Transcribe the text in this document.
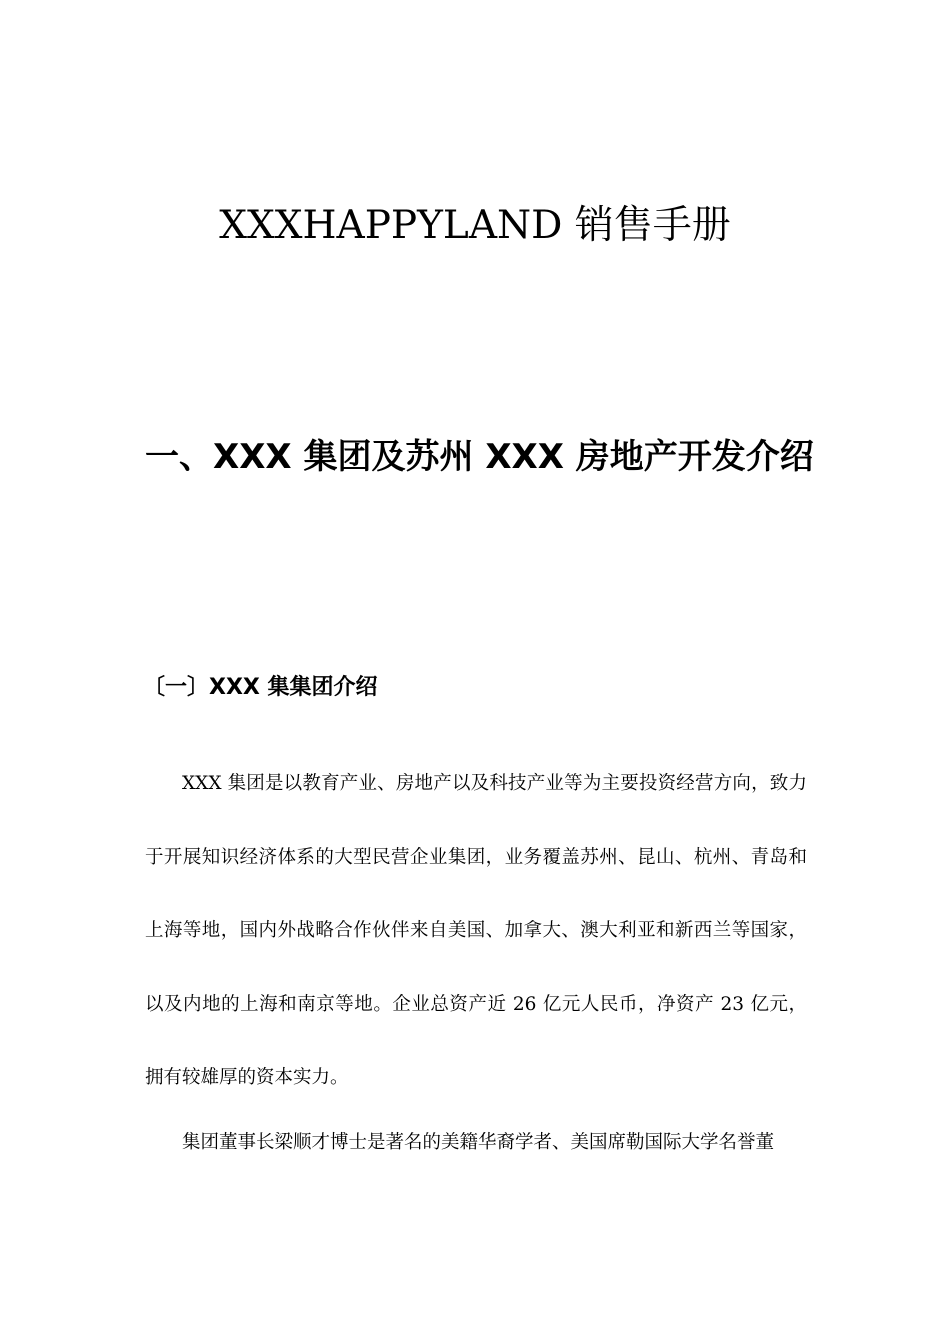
XXXHAPPYLAND 销售手册
一、XXX 集团及苏州 XXX 房地产开发介绍
〔一〕XXX 集集团介绍

XXX 集团是以教育产业、房地产以及科技产业等为主要投资经营方向，致力于开展知识经济体系的大型民营企业集团，业务覆盖苏州、昆山、杭州、青岛和上海等地，国内外战略合作伙伴来自美国、加拿大、澳大利亚和新西兰等国家，以及内地的上海和南京等地。企业总资产近 26 亿元人民币，净资产 23 亿元，拥有较雄厚的资本实力。

集团董事长梁顺才博士是著名的美籍华裔学者、美国席勒国际大学名誉董
